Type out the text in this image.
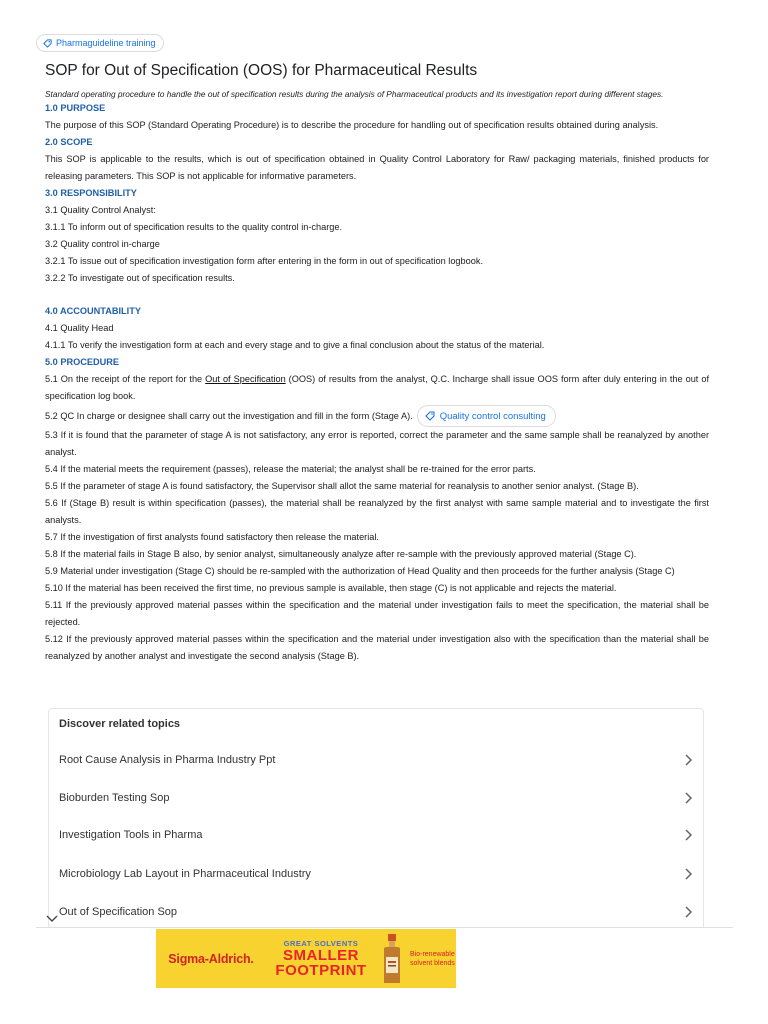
Pharmaguideline training
SOP for Out of Specification (OOS) for Pharmaceutical Results
Standard operating procedure to handle the out of specification results during the analysis of Pharmaceutical products and its investigation report during different stages.
1.0 PURPOSE
The purpose of this SOP (Standard Operating Procedure) is to describe the procedure for handling out of specification results obtained during analysis.
2.0 SCOPE
This SOP is applicable to the results, which is out of specification obtained in Quality Control Laboratory for Raw/ packaging materials, finished products for releasing parameters. This SOP is not applicable for informative parameters.
3.0 RESPONSIBILITY
3.1 Quality Control Analyst:
3.1.1 To inform out of specification results to the quality control in-charge.
3.2 Quality control in-charge
3.2.1 To issue out of specification investigation form after entering in the form in out of specification logbook.
3.2.2 To investigate out of specification results.
4.0 ACCOUNTABILITY
4.1 Quality Head
4.1.1 To verify the investigation form at each and every stage and to give a final conclusion about the status of the material.
5.0 PROCEDURE
5.1 On the receipt of the report for the Out of Specification (OOS) of results from the analyst, Q.C. Incharge shall issue OOS form after duly entering in the out of specification log book.
5.2 QC In charge or designee shall carry out the investigation and fill in the form (Stage A).	Quality control consulting
5.3 If it is found that the parameter of stage A is not satisfactory, any error is reported, correct the parameter and the same sample shall be reanalyzed by another analyst.
5.4 If the material meets the requirement (passes), release the material; the analyst shall be re-trained for the error parts.
5.5 If the parameter of stage A is found satisfactory, the Supervisor shall allot the same material for reanalysis to another senior analyst. (Stage B).
5.6 If (Stage B) result is within specification (passes), the material shall be reanalyzed by the first analyst with same sample material and to investigate the first analysts.
5.7 If the investigation of first analysts found satisfactory then release the material.
5.8 If the material fails in Stage B also, by senior analyst, simultaneously analyze after re-sample with the previously approved material (Stage C).
5.9 Material under investigation (Stage C) should be re-sampled with the authorization of Head Quality and then proceeds for the further analysis (Stage C)
5.10 If the material has been received the first time, no previous sample is available, then stage (C) is not applicable and rejects the material.
5.11 If the previously approved material passes within the specification and the material under investigation fails to meet the specification, the material shall be rejected.
5.12 If the previously approved material passes within the specification and the material under investigation also with the specification than the material shall be reanalyzed by another analyst and investigate the second analysis (Stage B).
Discover related topics
Root Cause Analysis in Pharma Industry Ppt
Bioburden Testing Sop
Investigation Tools in Pharma
Microbiology Lab Layout in Pharmaceutical Industry
Out of Specification Sop
Sigma-Aldrich.
GREAT SOLVENTS
SMALLER
FOOTPRINT
Bio-renewable
solvent blends
